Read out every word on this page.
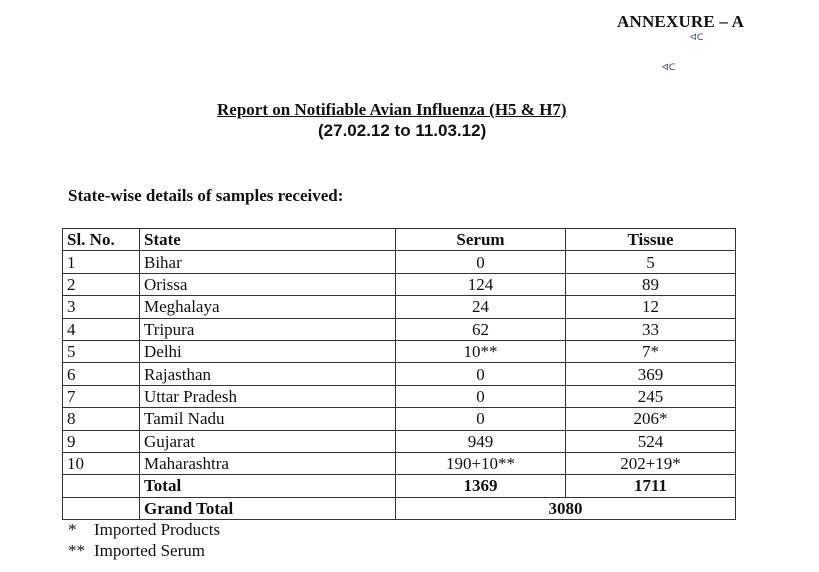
ANNEXURE – A
ᐊᑕ
ᐊᑕ
Report on Notifiable Avian Influenza (H5 & H7)
(27.02.12 to 11.03.12)
State-wise details of samples received:
Sl. No.	State	Serum	Tissue
1	Bihar	0	5
2	Orissa	124	89
3	Meghalaya	24	12
4	Tripura	62	33
5	Delhi	10**	7*
6	Rajasthan	0	369
7	Uttar Pradesh	0	245
8	Tamil Nadu	0	206*
9	Gujarat	949	524
10	Maharashtra	190+10**	202+19*
	Total	1369	1711
	Grand Total	3080	
* Imported Products
** Imported Serum
